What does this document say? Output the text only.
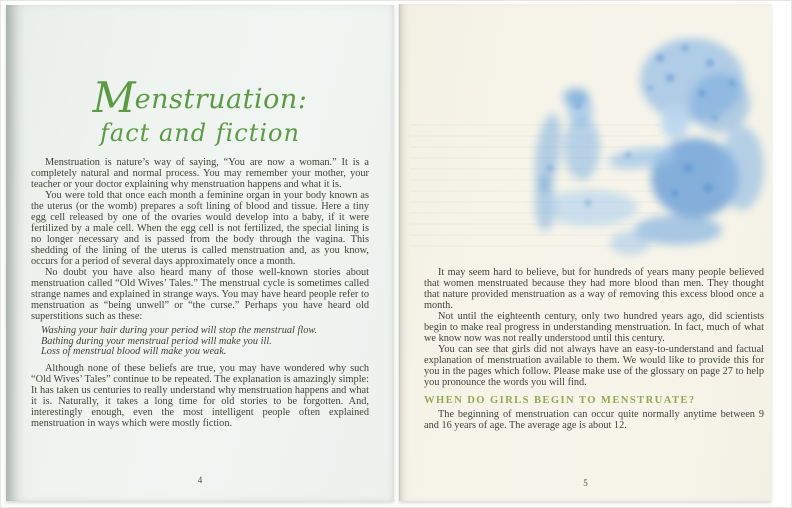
Menstruation:
fact and fiction

Menstruation is nature’s way of saying, “You are now a woman.” It is a completely natural and normal process. You may remember your mother, your teacher or your doctor explaining why menstruation happens and what it is.

You were told that once each month a feminine organ in your body known as the uterus (or the womb) prepares a soft lining of blood and tissue. Here a tiny egg cell released by one of the ovaries would develop into a baby, if it were fertilized by a male cell. When the egg cell is not fertilized, the special lining is no longer necessary and is passed from the body through the vagina. This shedding of the lining of the uterus is called menstruation and, as you know, occurs for a period of several days approximately once a month.

No doubt you have also heard many of those well-known stories about menstruation called “Old Wives’ Tales.” The menstrual cycle is sometimes called strange names and explained in strange ways. You may have heard people refer to menstruation as “being unwell” or “the curse.” Perhaps you have heard old superstitions such as these:

Washing your hair during your period will stop the menstrual flow.

Bathing during your menstrual period will make you ill.

Loss of menstrual blood will make you weak.

Although none of these beliefs are true, you may have wondered why such “Old Wives’ Tales” continue to be repeated. The explanation is amazingly simple: It has taken us centuries to really understand why menstruation happens and what it is. Naturally, it takes a long time for old stories to be forgotten. And, interestingly enough, even the most intelligent people often explained menstruation in ways which were mostly fiction.

4

It may seem hard to believe, but for hundreds of years many people believed that women menstruated because they had more blood than men. They thought that nature provided menstruation as a way of removing this excess blood once a month.

Not until the eighteenth century, only two hundred years ago, did scientists begin to make real progress in understanding menstruation. In fact, much of what we know now was not really understood until this century.

You can see that girls did not always have an easy-to-understand and factual explanation of menstruation available to them. We would like to provide this for you in the pages which follow. Please make use of the glossary on page 27 to help you pronounce the words you will find.

WHEN DO GIRLS BEGIN TO MENSTRUATE?

The beginning of menstruation can occur quite normally anytime between 9 and 16 years of age. The average age is about 12.

5
